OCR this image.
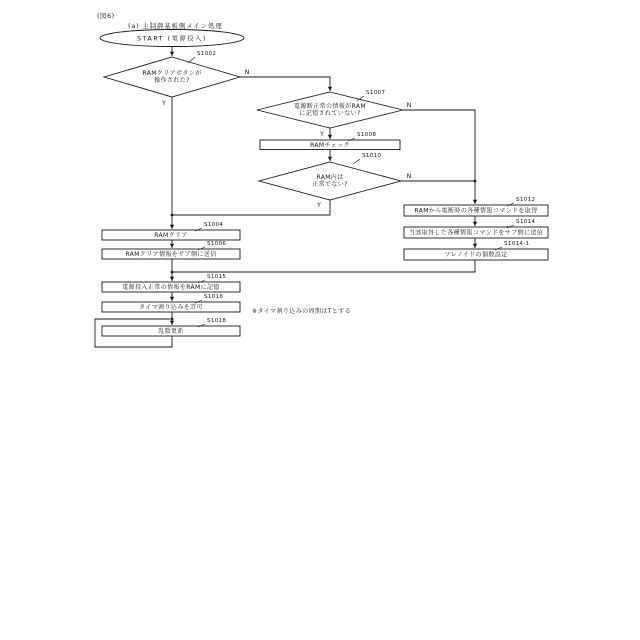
(図6)
(a) 主制御基板側メイン処理
N
Y
Y
N
N
Y
START (電源投入)
RAMクリアボタンが
操作された?
S1002
電源断正常の情報がRAM
に記憶されていない?
S1007
RAMチェック
S1008
RAM内は
正常でない?
S1010
RAMクリア
S1004
RAMクリア情報をサブ側に送信
S1006
RAMから電断時の各種情報コマンドを取得
S1012
当該取得した各種情報コマンドをサブ側に送信
S1014
ソレノイドの個数設定
S1014-1
電源投入正常の情報をRAMに記憶
S1015
タイマ割り込みを許可
S1016
乱数更新
S1018
※タイマ割り込みの周期はTとする
